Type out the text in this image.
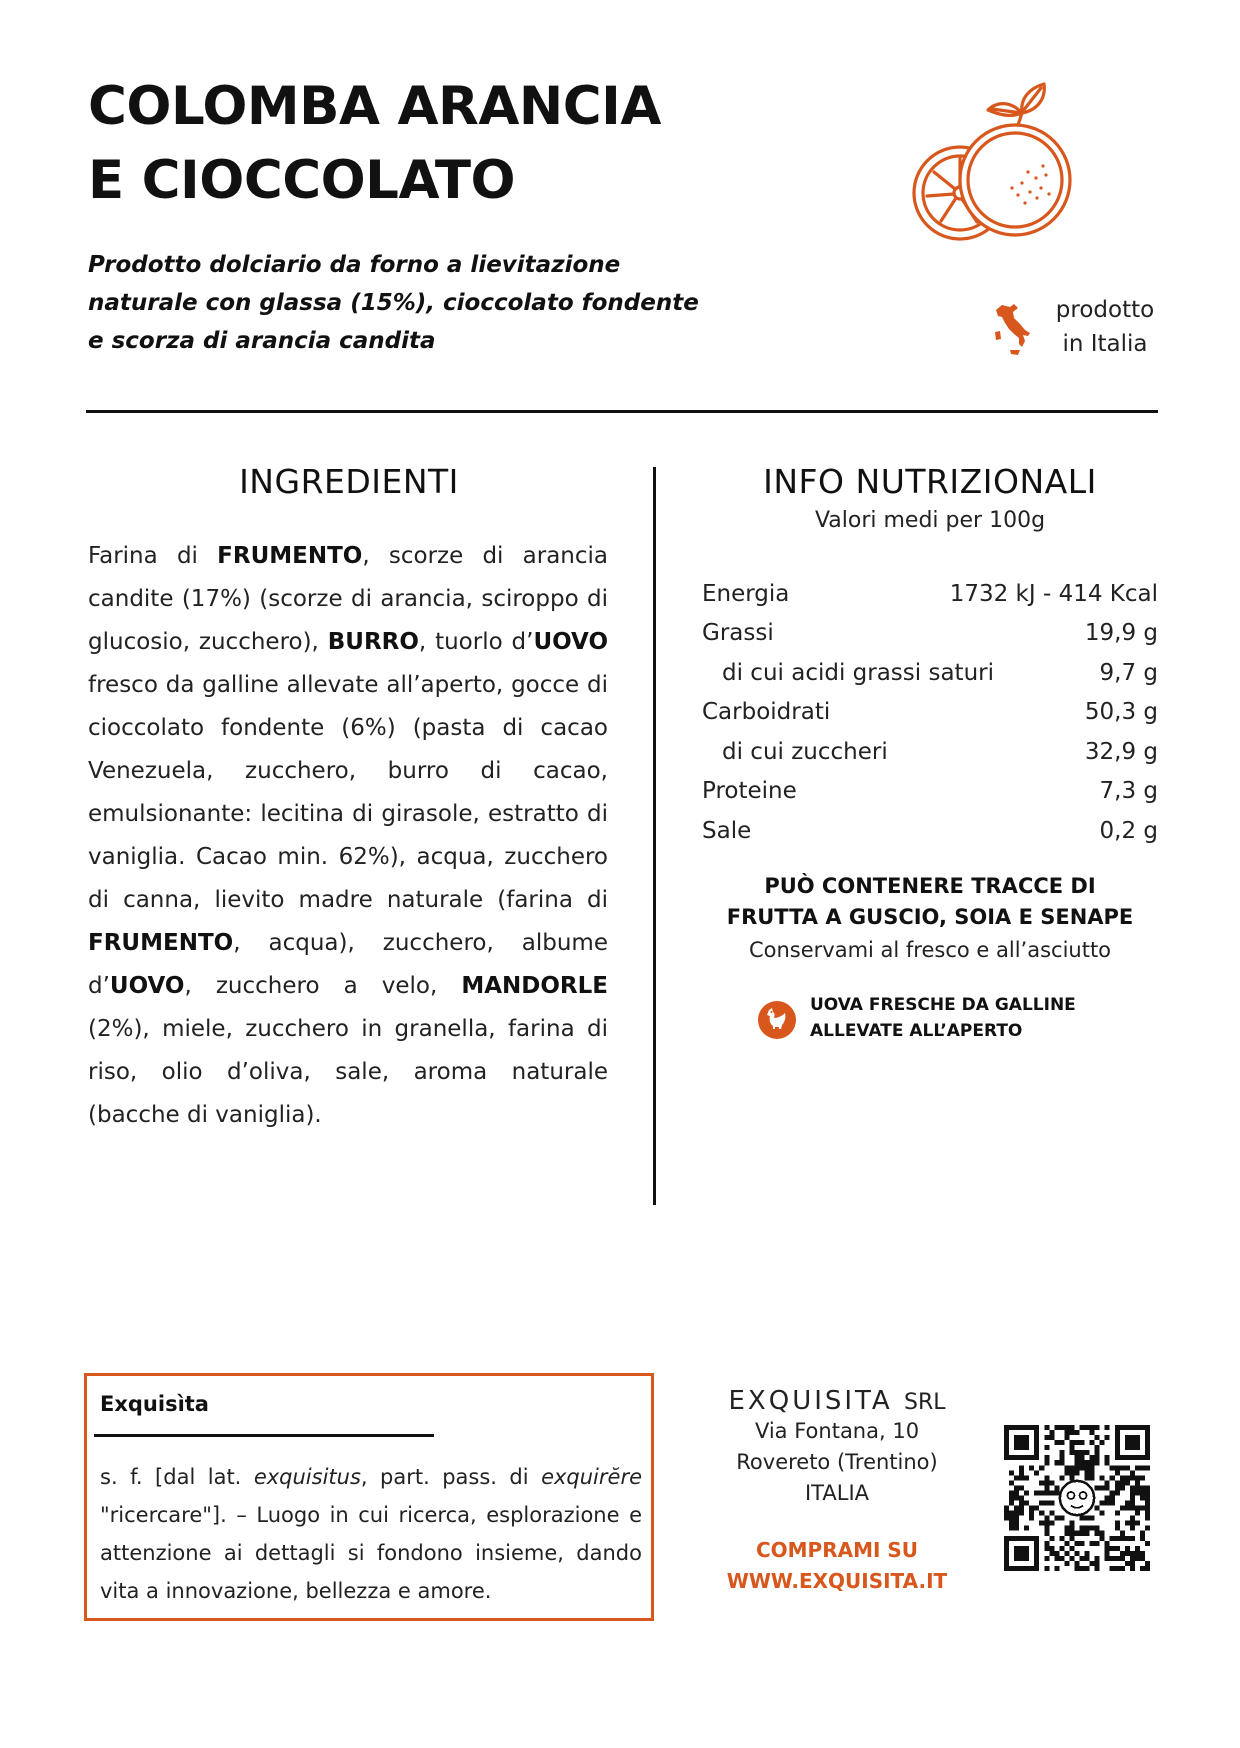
COLOMBA ARANCIA
E CIOCCOLATO
Prodotto dolciario da forno a lievitazione
naturale con glassa (15%), cioccolato fondente
e scorza di arancia candita
prodotto
in Italia
INGREDIENTI
Farina di FRUMENTO, scorze di arancia candite (17%) (scorze di arancia, sciroppo di glucosio, zucchero), BURRO, tuorlo d’UOVO fresco da galline allevate all’aperto, gocce di cioccolato fondente (6%) (pasta di cacao Venezuela, zucchero, burro di cacao, emulsionante: lecitina di girasole, estratto di vaniglia. Cacao min. 62%), acqua, zucchero di canna, lievito madre naturale (farina di FRUMENTO, acqua), zucchero, albume d’UOVO, zucchero a velo, MANDORLE (2%), miele, zucchero in granella, farina di riso, olio d’oliva, sale, aroma naturale (bacche di vaniglia).
INFO NUTRIZIONALI
Valori medi per 100g
Energia	1732 kJ - 414 Kcal
Grassi	19,9 g
di cui acidi grassi saturi	9,7 g
Carboidrati	50,3 g
di cui zuccheri	32,9 g
Proteine	7,3 g
Sale	0,2 g
PUÒ CONTENERE TRACCE DI
FRUTTA A GUSCIO, SOIA E SENAPE
Conservami al fresco e all’asciutto
UOVA FRESCHE DA GALLINE
ALLEVATE ALL’APERTO
Exquisìta
s. f. [dal lat. exquisitus, part. pass. di exquirĕre "ricercare"]. – Luogo in cui ricerca, esplorazione e attenzione ai dettagli si fondono insieme, dando vita a innovazione, bellezza e amore.
EXQUISITA SRL
Via Fontana, 10
Rovereto (Trentino)
ITALIA
COMPRAMI SU
WWW.EXQUISITA.IT
